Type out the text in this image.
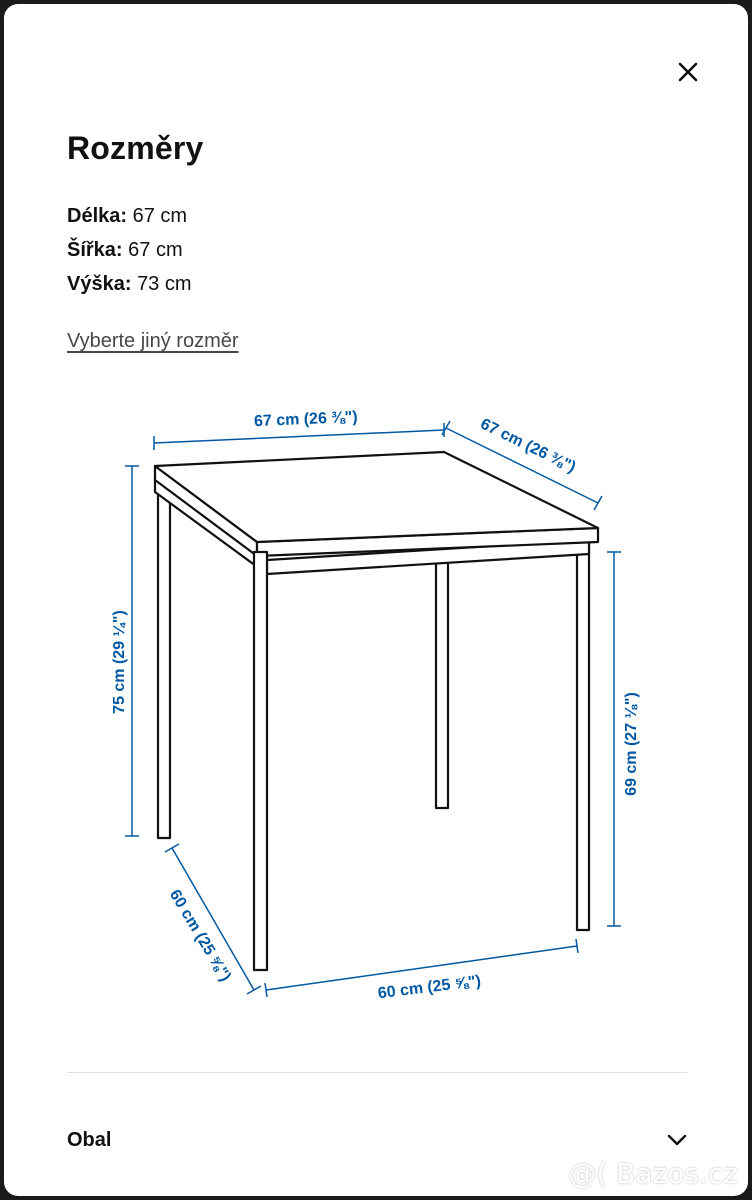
Rozměry
Délka: 67 cm
Šířka: 67 cm
Výška: 73 cm
Vyberte jiný rozměr
67 cm (26 ⅜")	67 cm (26 ⅜")
75 cm (29 ¼")
69 cm (27 ⅛")
60 cm (25 ⅝")
60 cm (25 ⅝")
Obal
@( Bazos.cz
